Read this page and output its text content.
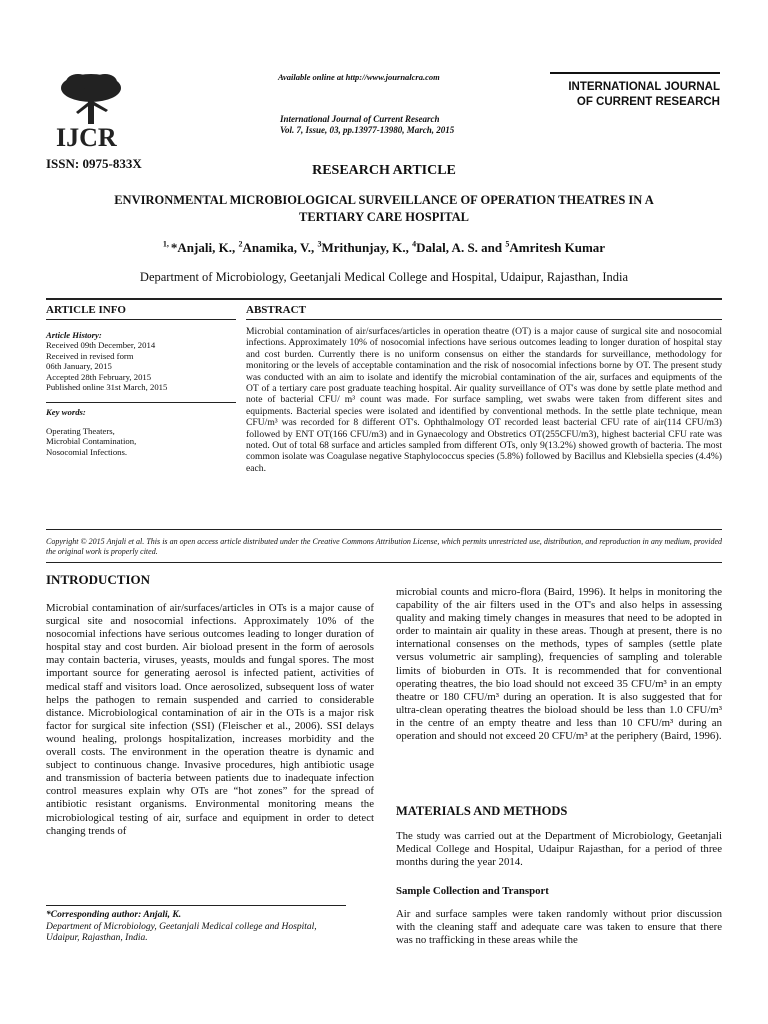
IJCR
ISSN: 0975-833X
Available online at http://www.journalcra.com
International Journal of Current Research
Vol. 7, Issue, 03, pp.13977-13980, March, 2015
INTERNATIONAL JOURNAL
OF CURRENT RESEARCH
RESEARCH ARTICLE
ENVIRONMENTAL MICROBIOLOGICAL SURVEILLANCE OF OPERATION THEATRES IN A
TERTIARY CARE HOSPITAL
$^{1,}$ *Anjali, K., $^2$Anamika, V., $^3$Mrithunjay, K., $^4$Dalal, A. S. and $^5$Amritesh Kumar
Department of Microbiology, Geetanjali Medical College and Hospital, Udaipur, Rajasthan, India
ARTICLE INFO
Article History:
Received 09th December, 2014
Received in revised form
06th January, 2015
Accepted 28th February, 2015
Published online 31st March, 2015
Key words:
Operating Theaters,
Microbial Contamination,
Nosocomial Infections.
ABSTRACT
Microbial contamination of air/surfaces/articles in operation theatre (OT) is a major cause of surgical site and nosocomial infections. Approximately 10% of nosocomial infections have serious outcomes leading to longer duration of hospital stay and cost burden. Currently there is no uniform consensus on either the standards for surveillance, methodology for monitoring or the levels of acceptable contamination and the risk of nosocomial infections borne by OT. The present study was conducted with an aim to isolate and identify the microbial contamination of the air, surfaces and equipments of the OT of a tertiary care post graduate teaching hospital. Air quality surveillance of OT's was done by settle plate method and note of bacterial CFU/ m³ count was made. For surface sampling, wet swabs were taken from different sites and equipments. Bacterial species were isolated and identified by conventional methods. In the settle plate technique, mean CFU/m³ was recorded for 8 different OT's. Ophthalmology OT recorded least bacterial CFU rate of air(114 CFU/m3) followed by ENT OT(166 CFU/m3) and in Gynaecology and Obstretics OT(255CFU/m3), highest bacterial CFU rate was noted. Out of total 68 surface and articles sampled from different OTs, only 9(13.2%) showed growth of bacteria. The most common isolate was Coagulase negative Staphylococcus species (5.8%) followed by Bacillus and Klebsiella species (4.4%) each.
Copyright © 2015 Anjali et al. This is an open access article distributed under the Creative Commons Attribution License, which permits unrestricted use, distribution, and reproduction in any medium, provided the original work is properly cited.
INTRODUCTION
Microbial contamination of air/surfaces/articles in OTs is a major cause of surgical site and nosocomial infections. Approximately 10% of the nosocomial infections have serious outcomes leading to longer duration of hospital stay and cost burden. Air bioload present in the form of aerosols may contain bacteria, viruses, yeasts, moulds and fungal spores. The most important source for generating aerosol is infected patient, activities of medical staff and visitors load. Once aerosolized, subsequent loss of water helps the pathogen to remain suspended and carried to considerable distance. Microbiological contamination of air in the OTs is a major risk factor for surgical site infection (SSI) (Fleischer et al., 2006). SSI delays wound healing, prolongs hospitalization, increases morbidity and the overall costs. The environment in the operation theatre is dynamic and subject to continuous change. Invasive procedures, high antibiotic usage and transmission of bacteria between patients due to inadequate infection control measures explain why OTs are “hot zones” for the spread of antibiotic resistant organisms. Environmental monitoring means the microbiological testing of air, surface and equipment in order to detect changing trends of
microbial counts and micro-flora (Baird, 1996). It helps in monitoring the capability of the air filters used in the OT's and also helps in assessing quality and making timely changes in measures that need to be adopted in order to maintain air quality in these areas. Though at present, there is no international consenses on the methods, types of samples (settle plate versus volumetric air sampling), frequencies of sampling and tolerable limits of bioburden in OTs. It is recommended that for conventional operating theatres, the bio load should not exceed 35 CFU/m³ in an empty theatre or 180 CFU/m³ during an operation. It is also suggested that for ultra-clean operating theatres the bioload should be less than 1.0 CFU/m³ in the centre of an empty theatre and less than 10 CFU/m³ during an operation and should not exceed 20 CFU/m³ at the periphery (Baird, 1996).
MATERIALS AND METHODS
The study was carried out at the Department of Microbiology, Geetanjali Medical College and Hospital, Udaipur Rajasthan, for a period of three months during the year 2014.
Sample Collection and Transport
Air and surface samples were taken randomly without prior discussion with the cleaning staff and adequate care was taken to ensure that there was no trafficking in these areas while the
*Corresponding author: Anjali, K.
Department of Microbiology, Geetanjali Medical college and Hospital, Udaipur, Rajasthan, India.
